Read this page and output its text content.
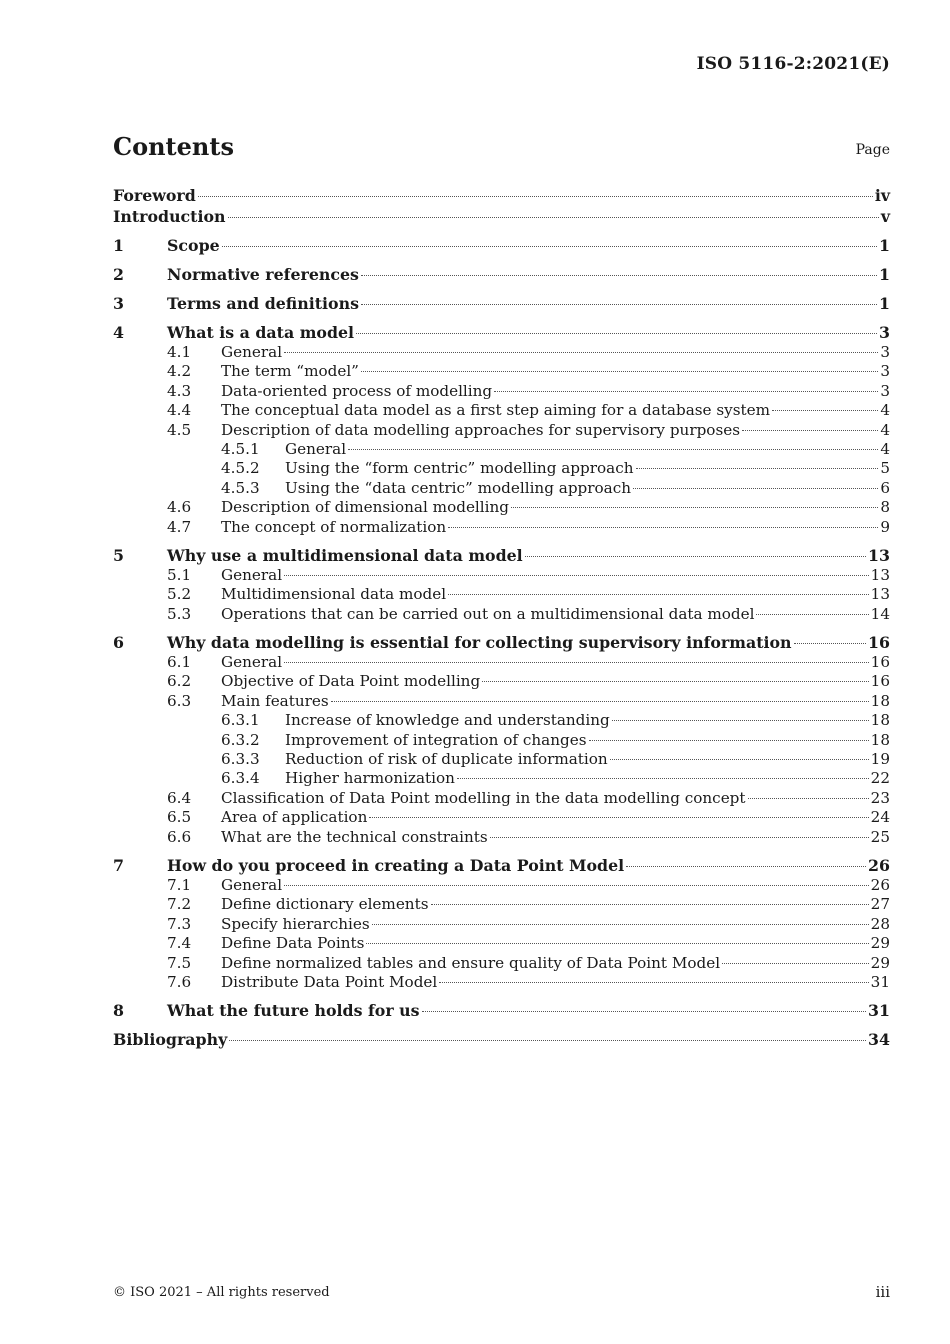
ISO 5116-2:2021(E)
Contents	Page
Foreword	iv
Introduction	v
1	Scope	1
2	Normative references	1
3	Terms and definitions	1
4	What is a data model	3
4.1 General	3
4.2 The term “model”	3
4.3 Data-oriented process of modelling	3
4.4 The conceptual data model as a first step aiming for a database system	4
4.5 Description of data modelling approaches for supervisory purposes	4
4.5.1 General	4
4.5.2 Using the “form centric” modelling approach	5
4.5.3 Using the “data centric” modelling approach	6
4.6 Description of dimensional modelling	8
4.7 The concept of normalization	9
5	Why use a multidimensional data model	13
5.1 General	13
5.2 Multidimensional data model	13
5.3 Operations that can be carried out on a multidimensional data model	14
6	Why data modelling is essential for collecting supervisory information	16
6.1 General	16
6.2 Objective of Data Point modelling	16
6.3 Main features	18
6.3.1 Increase of knowledge and understanding	18
6.3.2 Improvement of integration of changes	18
6.3.3 Reduction of risk of duplicate information	19
6.3.4 Higher harmonization	22
6.4 Classification of Data Point modelling in the data modelling concept	23
6.5 Area of application	24
6.6 What are the technical constraints	25
7	How do you proceed in creating a Data Point Model	26
7.1 General	26
7.2 Define dictionary elements	27
7.3 Specify hierarchies	28
7.4 Define Data Points	29
7.5 Define normalized tables and ensure quality of Data Point Model	29
7.6 Distribute Data Point Model	31
8	What the future holds for us	31
Bibliography	34
© ISO 2021 – All rights reserved	iii
